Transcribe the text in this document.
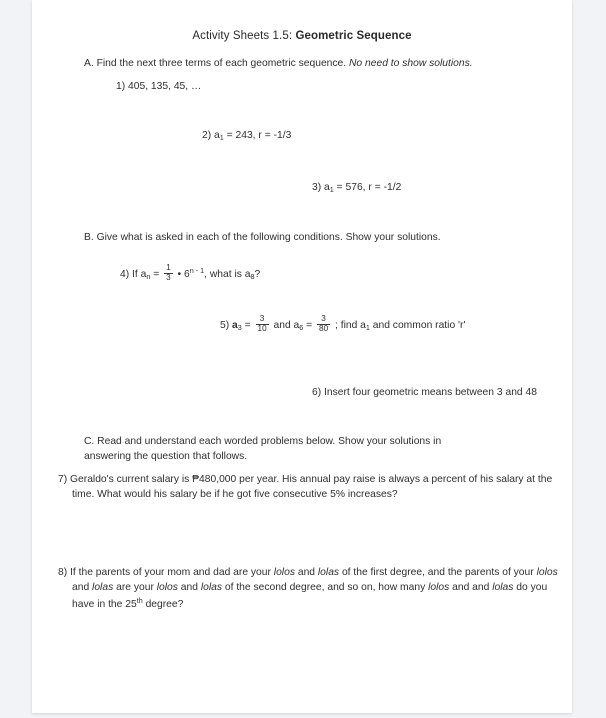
Activity Sheets 1.5: Geometric Sequence
A. Find the next three terms of each geometric sequence. No need to show solutions.
1) 405, 135, 45, …
2) $a_1 = 243$, r = -1/3
3) $a_1 = 576$, r = -1/2
B. Give what is asked in each of the following conditions. Show your solutions.
4) If $a_n = \frac{1}{3}$ • 6$^{n - 1}$, what is $a_8$?
5) $a_3 = \frac{3}{10}$ and $a_6 = \frac{3}{80}$ ; find $a_1$ and common ratio 'r'
6) Insert four geometric means between 3 and 48
C. Read and understand each worded problems below. Show your solutions in answering the question that follows.
7) Geraldo's current salary is ₱480,000 per year. His annual pay raise is always a percent of his salary at the time. What would his salary be if he got five consecutive 5% increases?
8) If the parents of your mom and dad are your lolos and lolas of the first degree, and the parents of your lolos and lolas are your lolos and lolas of the second degree, and so on, how many lolos and and lolas do you have in the 25th degree?
